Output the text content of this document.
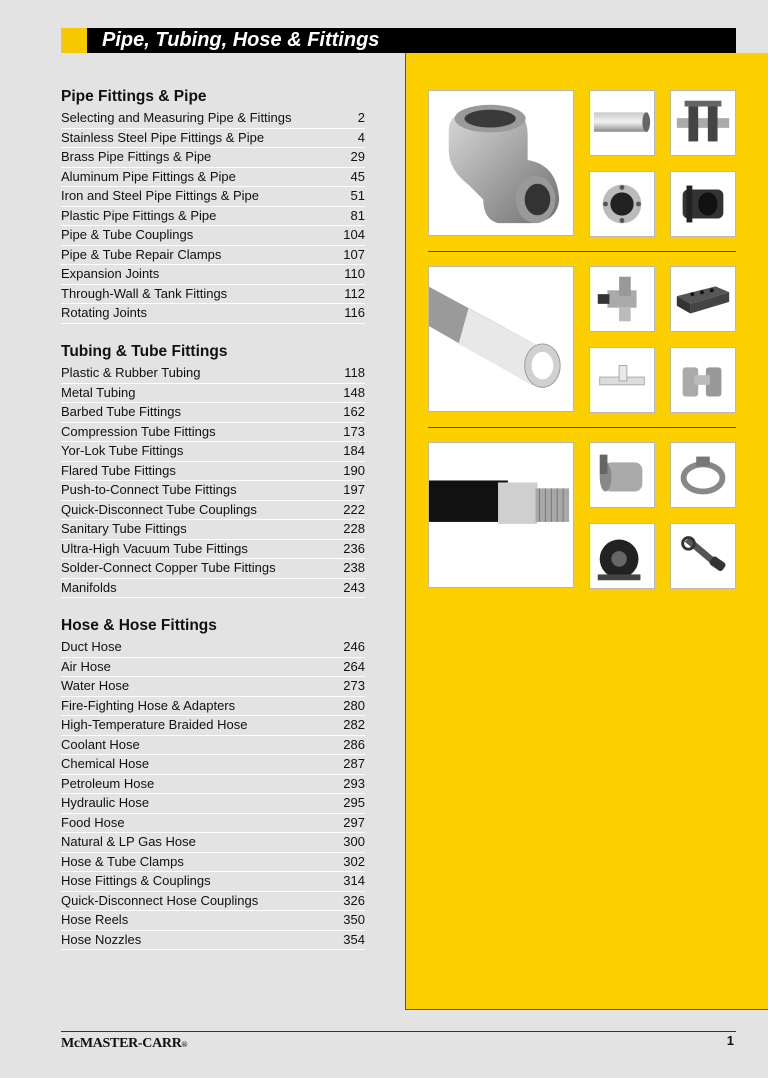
Pipe, Tubing, Hose & Fittings
Pipe Fittings & Pipe
Selecting and Measuring Pipe & Fittings	2
Stainless Steel Pipe Fittings & Pipe	4
Brass Pipe Fittings & Pipe	29
Aluminum Pipe Fittings & Pipe	45
Iron and Steel Pipe Fittings & Pipe	51
Plastic Pipe Fittings & Pipe	81
Pipe & Tube Couplings	104
Pipe & Tube Repair Clamps	107
Expansion Joints	110
Through-Wall & Tank Fittings	112
Rotating Joints	116
Tubing & Tube Fittings
Plastic & Rubber Tubing	118
Metal Tubing	148
Barbed Tube Fittings	162
Compression Tube Fittings	173
Yor-Lok Tube Fittings	184
Flared Tube Fittings	190
Push-to-Connect Tube Fittings	197
Quick-Disconnect Tube Couplings	222
Sanitary Tube Fittings	228
Ultra-High Vacuum Tube Fittings	236
Solder-Connect Copper Tube Fittings	238
Manifolds	243
Hose & Hose Fittings
Duct Hose	246
Air Hose	264
Water Hose	273
Fire-Fighting Hose & Adapters	280
High-Temperature Braided Hose	282
Coolant Hose	286
Chemical Hose	287
Petroleum Hose	293
Hydraulic Hose	295
Food Hose	297
Natural & LP Gas Hose	300
Hose & Tube Clamps	302
Hose Fittings & Couplings	314
Quick-Disconnect Hose Couplings	326
Hose Reels	350
Hose Nozzles	354
McMASTER-CARR®	1
